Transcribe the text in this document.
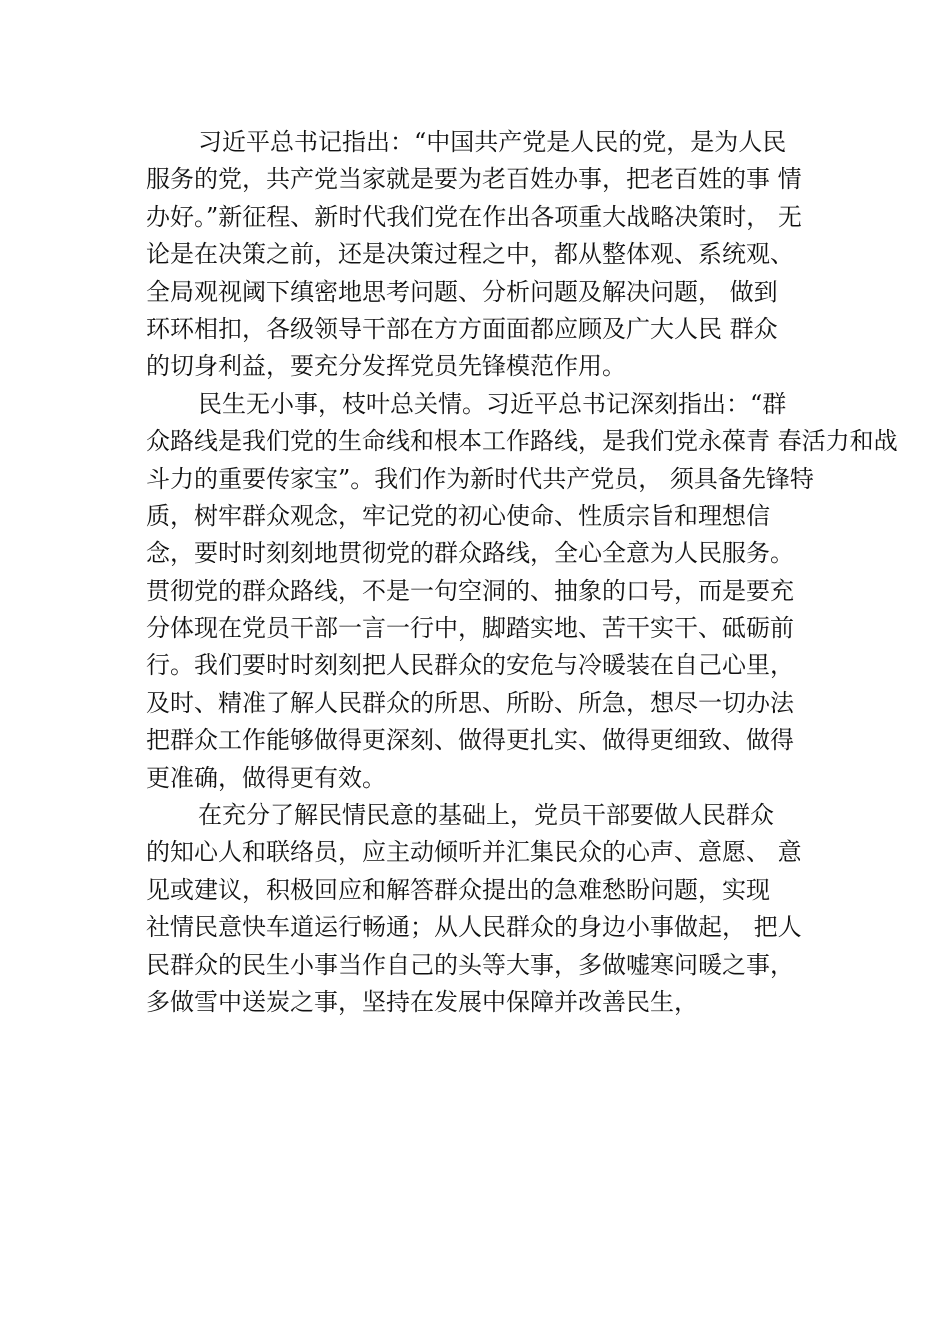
习近平总书记指出：“中国共产党是人民的党，是为人民
服务的党，共产党当家就是要为老百姓办事，把老百姓的事 情
办好。”新征程、新时代我们党在作出各项重大战略决策时， 无
论是在决策之前，还是决策过程之中，都从整体观、系统观、
全局观视阈下缜密地思考问题、分析问题及解决问题， 做到
环环相扣，各级领导干部在方方面面都应顾及广大人民 群众
的切身利益，要充分发挥党员先锋模范作用。
民生无小事，枝叶总关情。习近平总书记深刻指出：“群
众路线是我们党的生命线和根本工作路线，是我们党永葆青 春活力和战
斗力的重要传家宝”。我们作为新时代共产党员， 须具备先锋特
质，树牢群众观念，牢记党的初心使命、性质宗旨和理想信
念，要时时刻刻地贯彻党的群众路线，全心全意为人民服务。
贯彻党的群众路线，不是一句空洞的、抽象的口号，而是要充
分体现在党员干部一言一行中，脚踏实地、苦干实干、砥砺前
行。我们要时时刻刻把人民群众的安危与冷暖装在自己心里，
及时、精准了解人民群众的所思、所盼、所急，想尽一切办法
把群众工作能够做得更深刻、做得更扎实、做得更细致、做得
更准确，做得更有效。
在充分了解民情民意的基础上，党员干部要做人民群众
的知心人和联络员，应主动倾听并汇集民众的心声、意愿、 意
见或建议，积极回应和解答群众提出的急难愁盼问题，实现
社情民意快车道运行畅通；从人民群众的身边小事做起， 把人
民群众的民生小事当作自己的头等大事，多做嘘寒问暖之事，
多做雪中送炭之事，坚持在发展中保障并改善民生，
